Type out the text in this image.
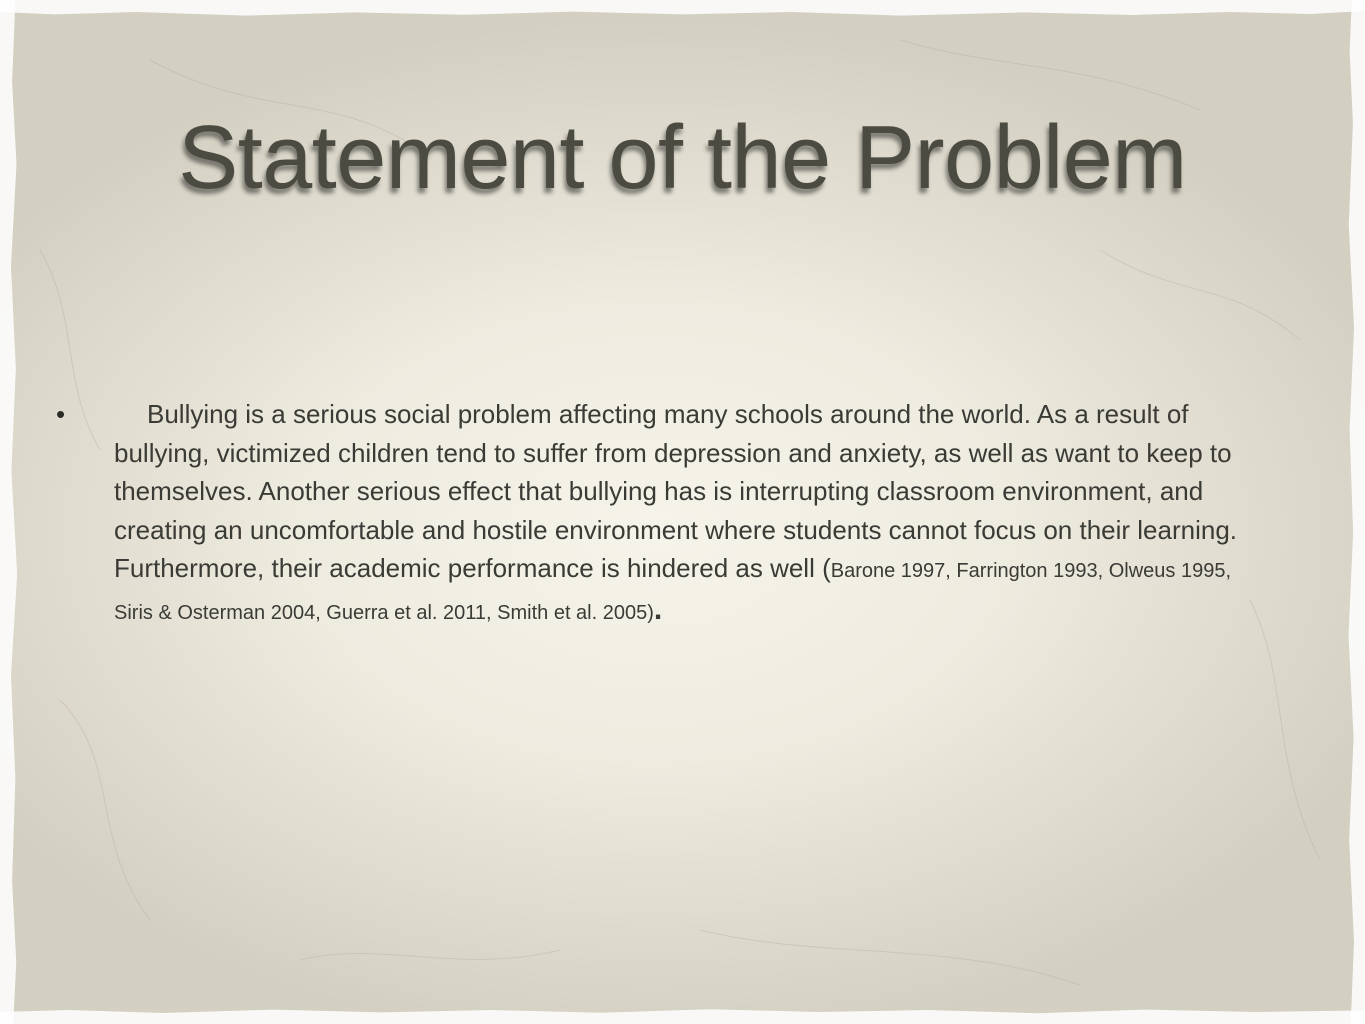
Statement of the Problem
•	Bullying is a serious social problem affecting many schools around the world. As a result of bullying, victimized children tend to suffer from depression and anxiety, as well as want to keep to themselves. Another serious effect that bullying has is interrupting classroom environment, and creating an uncomfortable and hostile environment where students cannot focus on their learning. Furthermore, their academic performance is hindered as well (Barone 1997, Farrington 1993, Olweus 1995, Siris & Osterman 2004, Guerra et al. 2011, Smith et al. 2005).
